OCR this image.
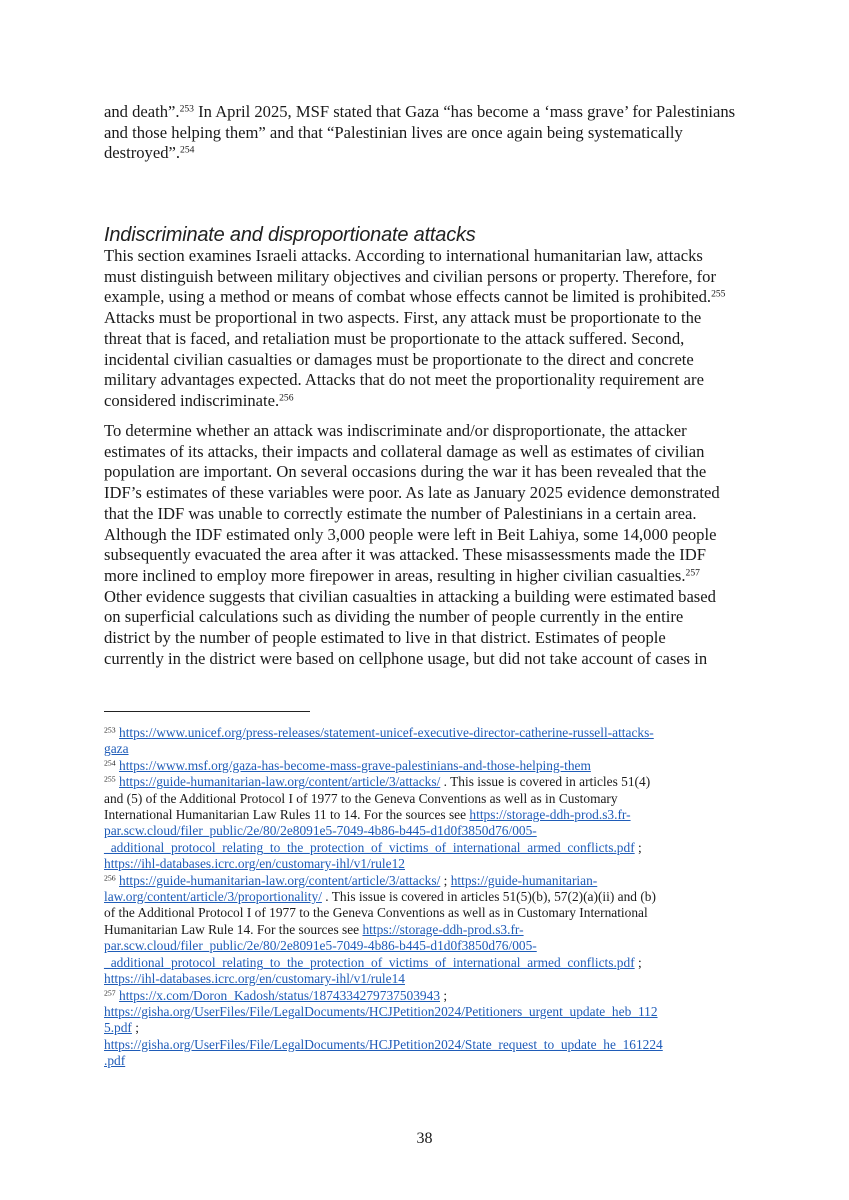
and death”.$^{253}$ In April 2025, MSF stated that Gaza “has become a ‘mass grave’ for Palestinians
and those helping them” and that “Palestinian lives are once again being systematically
destroyed”.$^{254}$
Indiscriminate and disproportionate attacks
This section examines Israeli attacks. According to international humanitarian law, attacks
must distinguish between military objectives and civilian persons or property. Therefore, for
example, using a method or means of combat whose effects cannot be limited is prohibited.$^{255}$
Attacks must be proportional in two aspects. First, any attack must be proportionate to the
threat that is faced, and retaliation must be proportionate to the attack suffered. Second,
incidental civilian casualties or damages must be proportionate to the direct and concrete
military advantages expected. Attacks that do not meet the proportionality requirement are
considered indiscriminate.$^{256}$
To determine whether an attack was indiscriminate and/or disproportionate, the attacker
estimates of its attacks, their impacts and collateral damage as well as estimates of civilian
population are important. On several occasions during the war it has been revealed that the
IDF’s estimates of these variables were poor. As late as January 2025 evidence demonstrated
that the IDF was unable to correctly estimate the number of Palestinians in a certain area.
Although the IDF estimated only 3,000 people were left in Beit Lahiya, some 14,000 people
subsequently evacuated the area after it was attacked. These misassessments made the IDF
more inclined to employ more firepower in areas, resulting in higher civilian casualties.$^{257}$
Other evidence suggests that civilian casualties in attacking a building were estimated based
on superficial calculations such as dividing the number of people currently in the entire
district by the number of people estimated to live in that district. Estimates of people
currently in the district were based on cellphone usage, but did not take account of cases in
$^{253}$ https://www.unicef.org/press-releases/statement-unicef-executive-director-catherine-russell-attacks-
gaza
$^{254}$ https://www.msf.org/gaza-has-become-mass-grave-palestinians-and-those-helping-them
$^{255}$ https://guide-humanitarian-law.org/content/article/3/attacks/ . This issue is covered in articles 51(4)
and (5) of the Additional Protocol I of 1977 to the Geneva Conventions as well as in Customary
International Humanitarian Law Rules 11 to 14. For the sources see https://storage-ddh-prod.s3.fr-
par.scw.cloud/filer_public/2e/80/2e8091e5-7049-4b86-b445-d1d0f3850d76/005-
_additional_protocol_relating_to_the_protection_of_victims_of_international_armed_conflicts.pdf ;
https://ihl-databases.icrc.org/en/customary-ihl/v1/rule12
$^{256}$ https://guide-humanitarian-law.org/content/article/3/attacks/ ; https://guide-humanitarian-
law.org/content/article/3/proportionality/ . This issue is covered in articles 51(5)(b), 57(2)(a)(ii) and (b)
of the Additional Protocol I of 1977 to the Geneva Conventions as well as in Customary International
Humanitarian Law Rule 14. For the sources see https://storage-ddh-prod.s3.fr-
par.scw.cloud/filer_public/2e/80/2e8091e5-7049-4b86-b445-d1d0f3850d76/005-
_additional_protocol_relating_to_the_protection_of_victims_of_international_armed_conflicts.pdf ;
https://ihl-databases.icrc.org/en/customary-ihl/v1/rule14
$^{257}$ https://x.com/Doron_Kadosh/status/1874334279737503943 ;
https://gisha.org/UserFiles/File/LegalDocuments/HCJPetition2024/Petitioners_urgent_update_heb_112
5.pdf ;
https://gisha.org/UserFiles/File/LegalDocuments/HCJPetition2024/State_request_to_update_he_161224
.pdf
38
